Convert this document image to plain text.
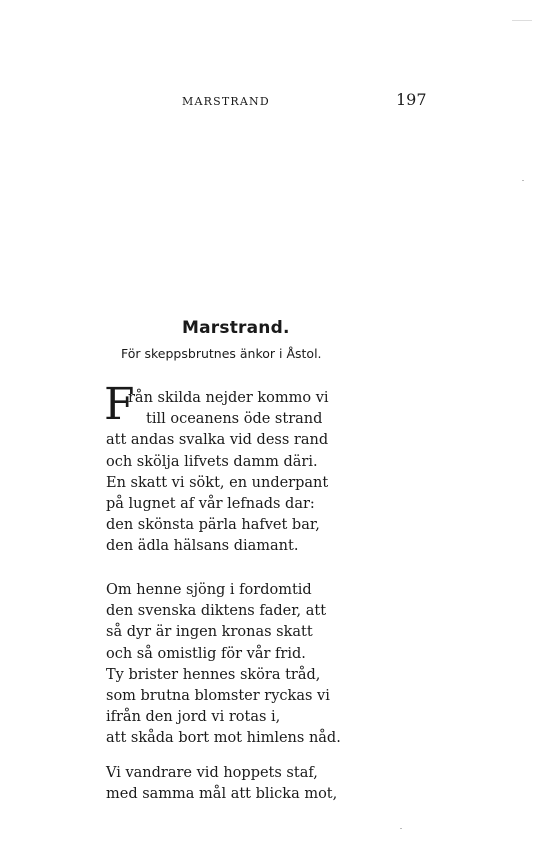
MARSTRAND	197
Marstrand.
För skeppsbrutnes änkor i Åstol.
F
rån skilda nejder kommo vi
till oceanens öde strand
att andas svalka vid dess rand
och skölja lifvets damm däri.
En skatt vi sökt, en underpant
på lugnet af vår lefnads dar:
den skönsta pärla hafvet bar,
den ädla hälsans diamant.
Om henne sjöng i fordomtid
den svenska diktens fader, att
så dyr är ingen kronas skatt
och så omistlig för vår frid.
Ty brister hennes sköra tråd,
som brutna blomster ryckas vi
ifrån den jord vi rotas i,
att skåda bort mot himlens nåd.
Vi vandrare vid hoppets staf,
med samma mål att blicka mot,
